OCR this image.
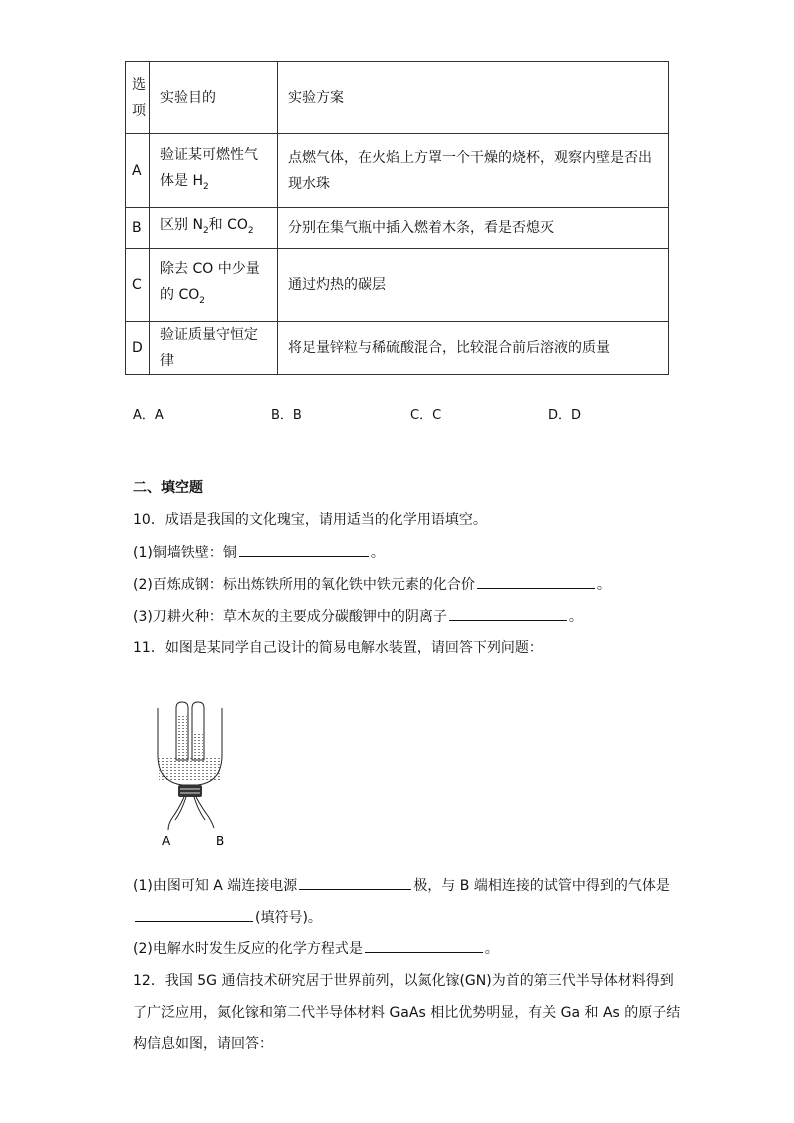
选项	实验目的	实验方案
A	验证某可燃性气体是 $H_2$	点燃气体，在火焰上方罩一个干燥的烧杯，观察内壁是否出现水珠
B	区别 $N_2$和 $CO_2$	分别在集气瓶中插入燃着木条，看是否熄灭
C	除去 CO 中少量的 $CO_2$	通过灼热的碳层
D	验证质量守恒定律	将足量锌粒与稀硫酸混合，比较混合前后溶液的质量
A．A	B．B	C．C	D．D
二、填空题
10．成语是我国的文化瑰宝，请用适当的化学用语填空。
(1)铜墙铁壁：铜	。
(2)百炼成钢：标出炼铁所用的氧化铁中铁元素的化合价	。
(3)刀耕火种：草木灰的主要成分碳酸钾中的阴离子	。
11．如图是某同学自己设计的简易电解水装置，请回答下列问题：
A	B
(1)由图可知 A 端连接电源	极，与 B 端相连接的试管中得到的气体是
(填符号)。
(2)电解水时发生反应的化学方程式是	。
12．我国 5G 通信技术研究居于世界前列，以氮化镓(GN)为首的第三代半导体材料得到
了广泛应用，氮化镓和第二代半导体材料 GaAs 相比优势明显，有关 Ga 和 As 的原子结
构信息如图，请回答：
